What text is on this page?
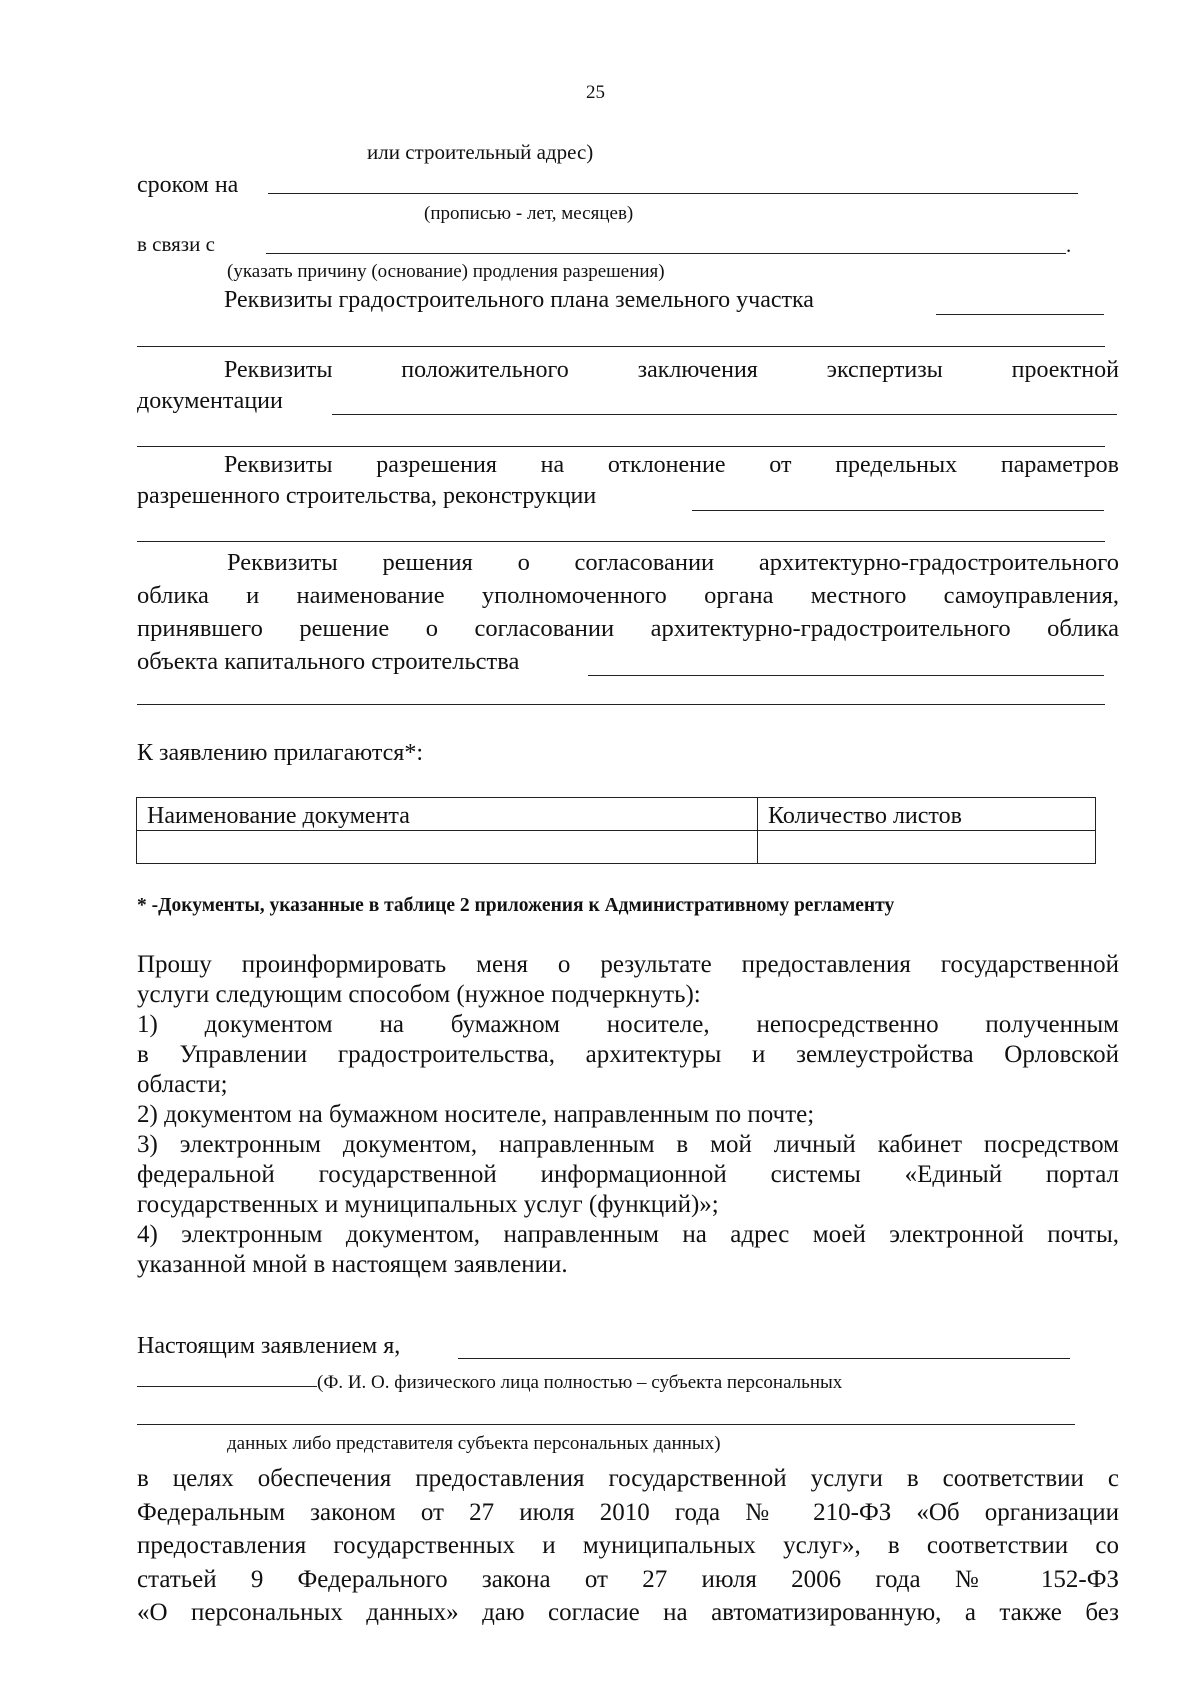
25
или строительный адрес)
сроком на
(прописью - лет, месяцев)
в связи с	.
(указать причину (основание) продления разрешения)
Реквизиты градостроительного плана земельного участка
Реквизиты	положительного	заключения	экспертизы	проектной
документации
Реквизиты разрешения на отклонение от предельных параметров
разрешенного строительства, реконструкции
Реквизиты решения о согласовании архитектурно-градостроительного
облика и наименование уполномоченного органа местного самоуправления,
принявшего решение о согласовании архитектурно-градостроительного облика
объекта капитального строительства
К заявлению прилагаются*:
Наименование документа	Количество листов

* -Документы, указанные в таблице 2 приложения к Административному регламенту
Прошу проинформировать меня о результате предоставления государственной
услуги следующим способом (нужное подчеркнуть):
1) документом на бумажном носителе, непосредственно полученным
в Управлении градостроительства, архитектуры и землеустройства Орловской
области;
2) документом на бумажном носителе, направленным по почте;
3) электронным документом, направленным в мой личный кабинет посредством
федеральной государственной информационной системы «Единый портал
государственных и муниципальных услуг (функций)»;
4) электронным документом, направленным на адрес моей электронной почты,
указанной мной в настоящем заявлении.
Настоящим заявлением я,
(Ф. И. О. физического лица полностью – субъекта персональных
данных либо представителя субъекта персональных данных)
в целях обеспечения предоставления государственной услуги в соответствии с
Федеральным законом от 27 июля 2010 года № 210-ФЗ «Об организации
предоставления государственных и муниципальных услуг», в соответствии со
статьей 9 Федерального закона от 27 июля 2006 года № 152-ФЗ
«О персональных данных» даю согласие на автоматизированную, а также без
